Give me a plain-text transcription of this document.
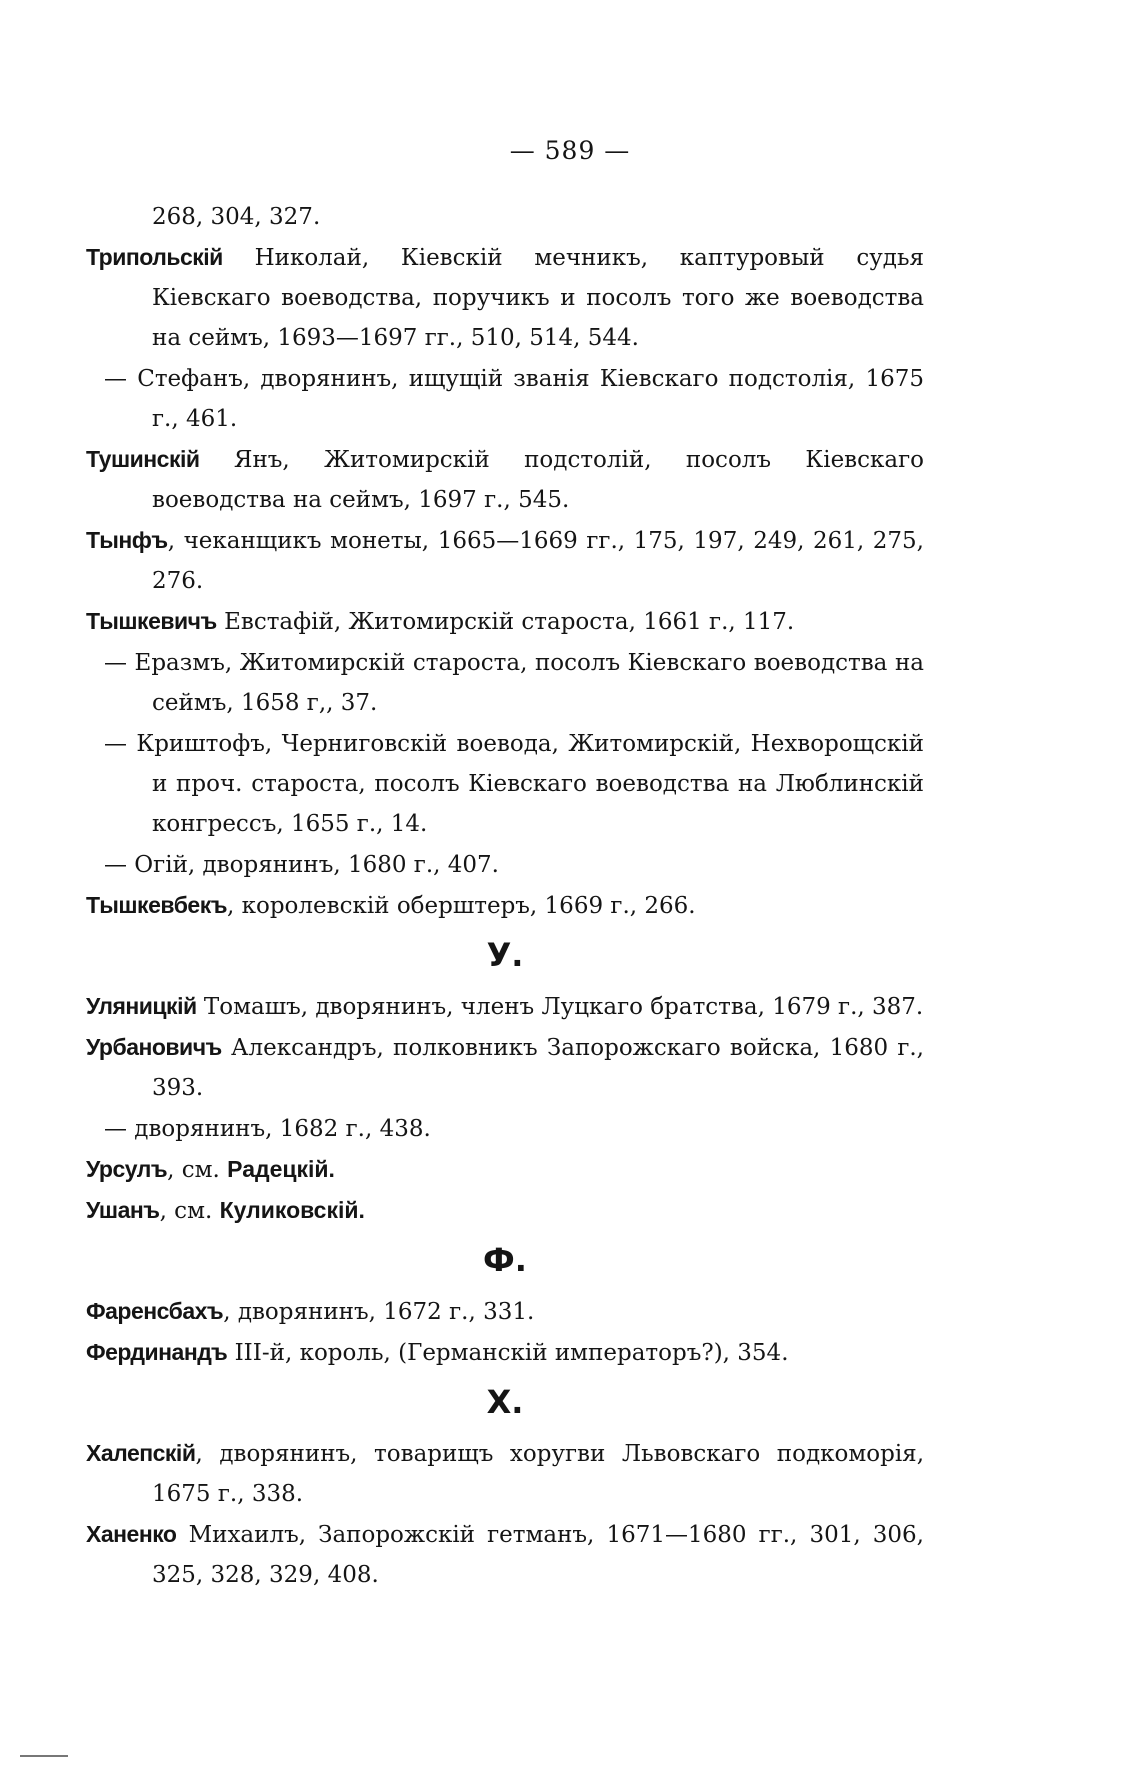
— 589 —

268, 304, 327.

Трипольскій Николай, Кіевскій мечникъ, каптуровый судья Кіевскаго воеводства, поручикъ и посолъ того же воеводства на сеймъ, 1693—1697 гг., 510, 514, 544.

— Стефанъ, дворянинъ, ищущій званія Кіевскаго подстолія, 1675 г., 461.

Тушинскій Янъ, Житомирскій подстолій, посолъ Кіевскаго воеводства на сеймъ, 1697 г., 545.

Тынфъ, чеканщикъ монеты, 1665—1669 гг., 175, 197, 249, 261, 275, 276.

Тышкевичъ Евстафій, Житомирскій староста, 1661 г., 117.

— Еразмъ, Житомирскій староста, посолъ Кіевскаго воеводства на сеймъ, 1658 г,, 37.

— Криштофъ, Черниговскій воевода, Житомирскій, Нехворощскій и проч. староста, посолъ Кіевскаго воеводства на Люблинскій конгрессъ, 1655 г., 14.

— Огій, дворянинъ, 1680 г., 407.

Тышкевбекъ, королевскій оберштеръ, 1669 г., 266.

У.

Уляницкій Томашъ, дворянинъ, членъ Луцкаго братства, 1679 г., 387.

Урбановичъ Александръ, полковникъ Запорожскаго войска, 1680 г., 393.

— дворянинъ, 1682 г., 438.

Урсулъ, см. Радецкій.

Ушанъ, см. Куликовскій.

Ф.

Фаренсбахъ, дворянинъ, 1672 г., 331.

Фердинандъ III-й, король, (Германскій императоръ?), 354.

Х.

Халепскій, дворянинъ, товарищъ хоругви Львовскаго подкоморія, 1675 г., 338.

Ханенко Михаилъ, Запорожскій гетманъ, 1671—1680 гг., 301, 306, 325, 328, 329, 408.
